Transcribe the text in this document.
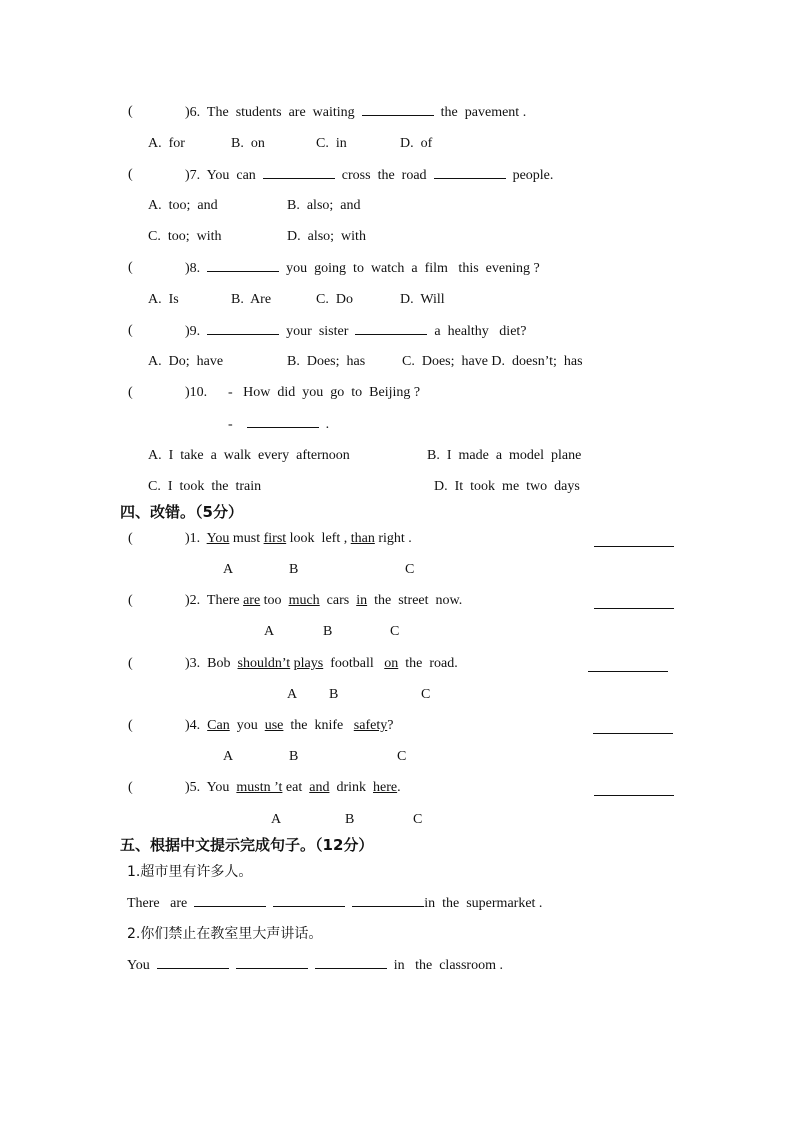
(	)6. The  students  are  waiting	the  pavement .
A.  for	B.  on	C.  in	D.  of
(	)7. You  can	cross  the  road	people.
A.  too;  and	B.  also;  and
C.  too;  with	D.  also;  with
(	)8.	you  going  to  watch  a  film   this  evening ?
A.  Is	B.  Are	C.  Do	D.  Will
(	)9.	your  sister	a  healthy   diet?
A.  Do;  have	B.  Does;  has	C.  Does;  have D.  doesn’t;  has
(	)10. -   How  did  you  go  to  Beijing ?
-	.
A.  I  take  a  walk  every  afternoon	B.  I  made  a  model  plane
C.  I  took  the  train	D.  It  took  me  two  days
四、改错。（5分）
(	)1. You must first look  left , than right .
A	B	C
(	)2. There are too  much  cars  in  the  street  now.
A	B	C
(	)3. Bob  shouldn’t plays  football   on  the  road.
A B	C
(	)4. Can  you  use  the  knife   safety?
A	B	C
(	)5. You  mustn ’t eat  and  drink  here.
A	B	C
五、根据中文提示完成句子。（12分）
1.超市里有许多人。
There   are	in  the  supermarket .
2.你们禁止在教室里大声讲话。
You	in   the  classroom .
